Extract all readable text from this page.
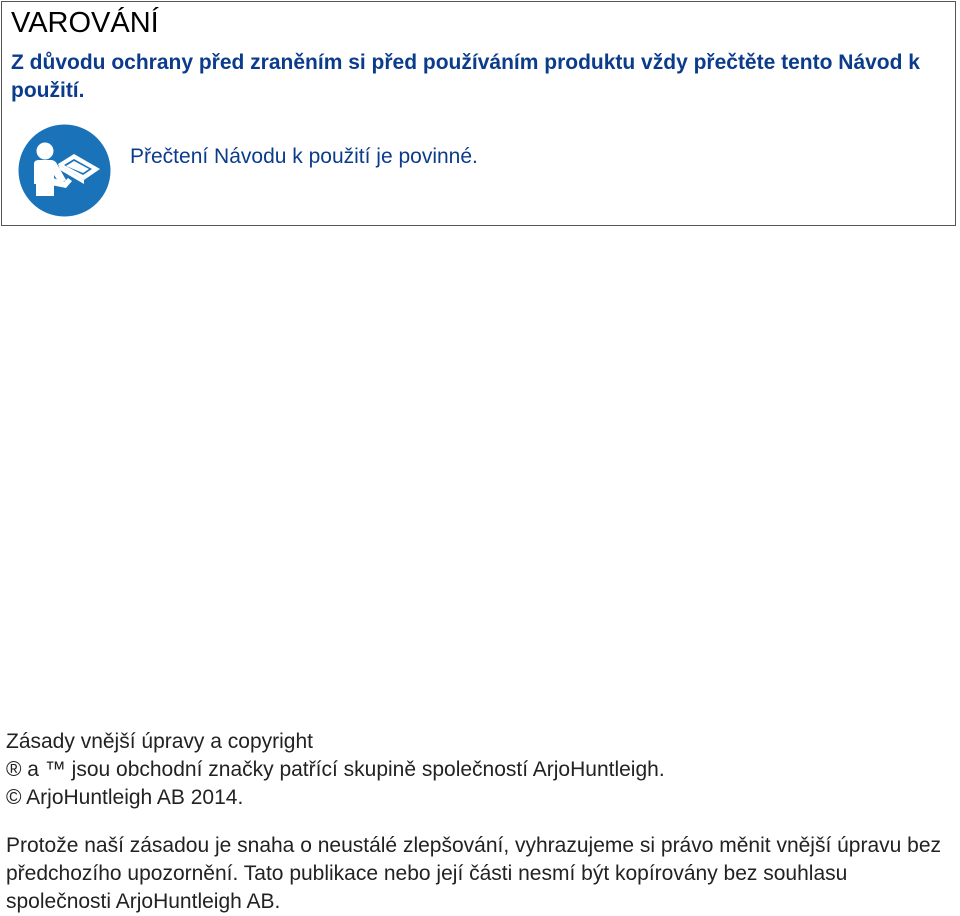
VAROVÁNÍ

Z důvodu ochrany před zraněním si před používáním produktu vždy přečtěte tento Návod k použití.

Přečtení Návodu k použití je povinné.

Zásady vnější úpravy a copyright

® a ™ jsou obchodní značky patřící skupině společností ArjoHuntleigh.

© ArjoHuntleigh AB 2014.

Protože naší zásadou je snaha o neustálé zlepšování, vyhrazujeme si právo měnit vnější úpravu bez předchozího upozornění. Tato publikace nebo její části nesmí být kopírovány bez souhlasu společnosti ArjoHuntleigh AB.
